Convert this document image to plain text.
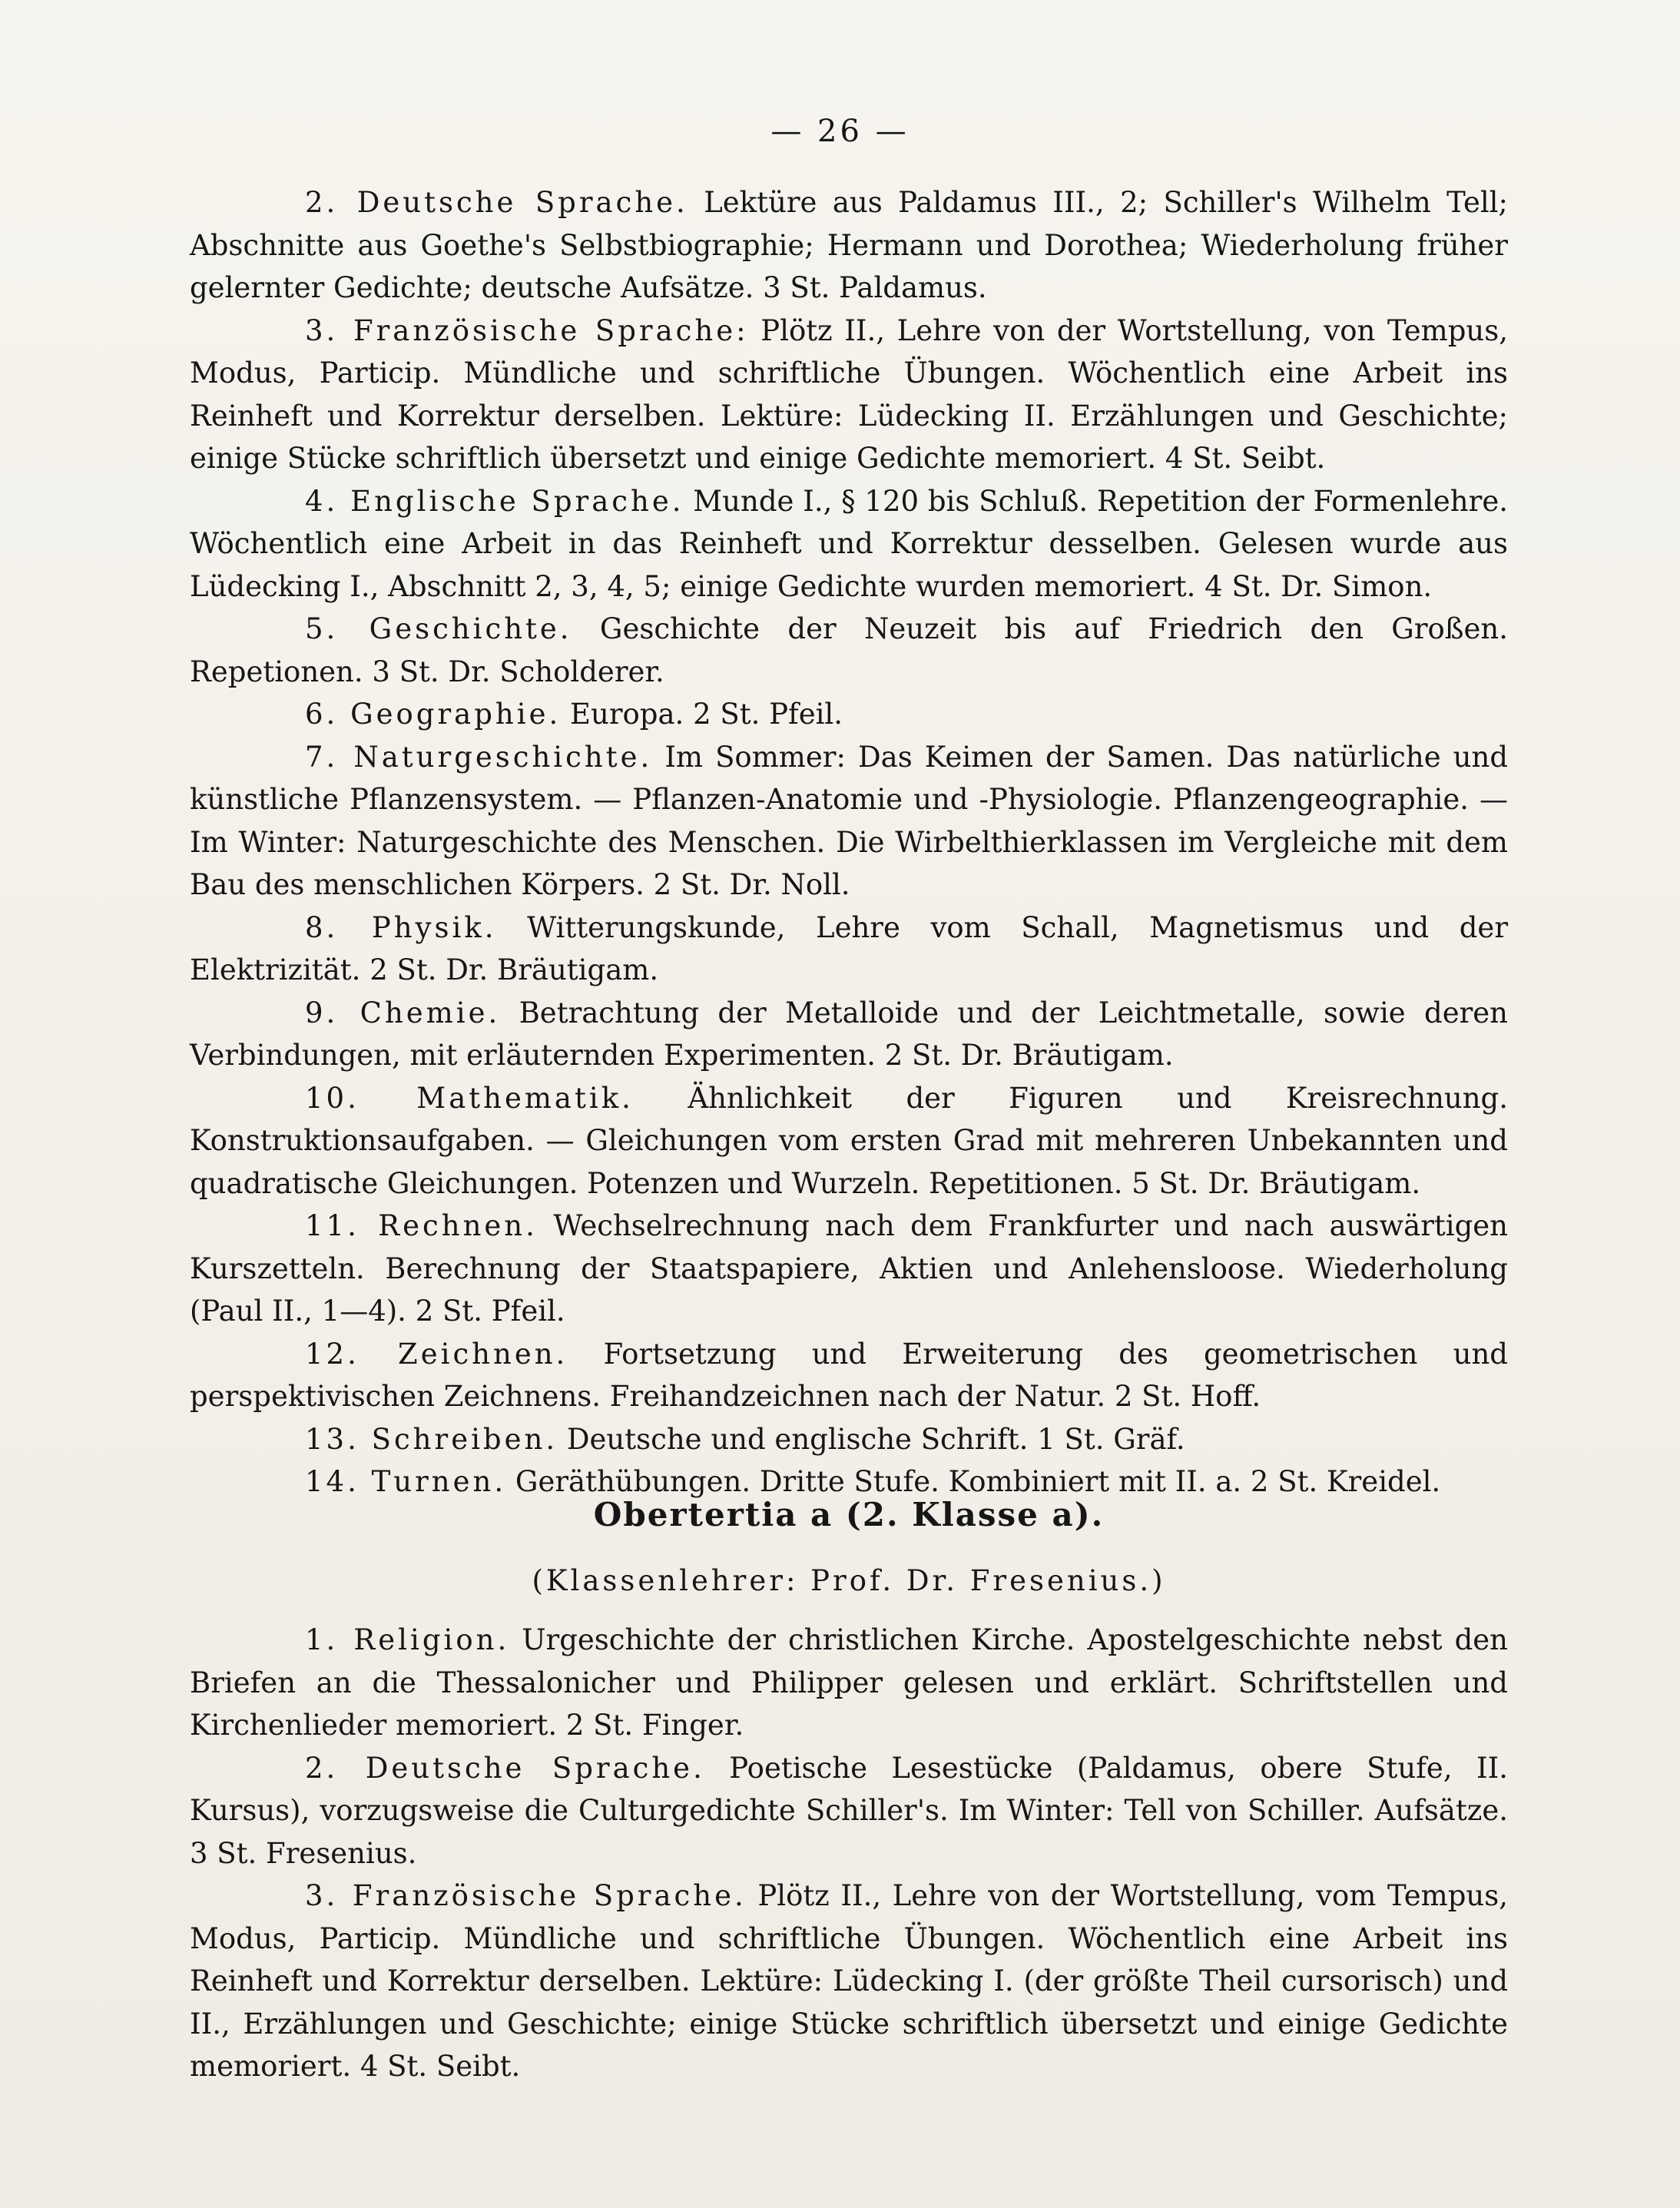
— 26 —

2. Deutsche Sprache. Lektüre aus Paldamus III., 2; Schiller's Wilhelm Tell; Abschnitte aus Goethe's Selbstbiographie; Hermann und Dorothea; Wiederholung früher gelernter Gedichte; deutsche Aufsätze. 3 St. Paldamus.

3. Französische Sprache: Plötz II., Lehre von der Wortstellung, von Tempus, Modus, Particip. Mündliche und schriftliche Übungen. Wöchentlich eine Arbeit ins Reinheft und Korrektur derselben. Lektüre: Lüdecking II. Erzählungen und Geschichte; einige Stücke schriftlich übersetzt und einige Gedichte memoriert. 4 St. Seibt.

4. Englische Sprache. Munde I., § 120 bis Schluß. Repetition der Formenlehre. Wöchentlich eine Arbeit in das Reinheft und Korrektur desselben. Gelesen wurde aus Lüdecking I., Abschnitt 2, 3, 4, 5; einige Gedichte wurden memoriert. 4 St. Dr. Simon.

5. Geschichte. Geschichte der Neuzeit bis auf Friedrich den Großen. Repetionen. 3 St. Dr. Scholderer.

6. Geographie. Europa. 2 St. Pfeil.

7. Naturgeschichte. Im Sommer: Das Keimen der Samen. Das natürliche und künstliche Pflanzensystem. — Pflanzen-Anatomie und -Physiologie. Pflanzengeographie. — Im Winter: Naturgeschichte des Menschen. Die Wirbelthierklassen im Vergleiche mit dem Bau des menschlichen Körpers. 2 St. Dr. Noll.

8. Physik. Witterungskunde, Lehre vom Schall, Magnetismus und der Elektrizität. 2 St. Dr. Bräutigam.

9. Chemie. Betrachtung der Metalloide und der Leichtmetalle, sowie deren Verbindungen, mit erläuternden Experimenten. 2 St. Dr. Bräutigam.

10. Mathematik. Ähnlichkeit der Figuren und Kreisrechnung. Konstruktionsaufgaben. — Gleichungen vom ersten Grad mit mehreren Unbekannten und quadratische Gleichungen. Potenzen und Wurzeln. Repetitionen. 5 St. Dr. Bräutigam.

11. Rechnen. Wechselrechnung nach dem Frankfurter und nach auswärtigen Kurszetteln. Berechnung der Staatspapiere, Aktien und Anlehensloose. Wiederholung (Paul II., 1—4). 2 St. Pfeil.

12. Zeichnen. Fortsetzung und Erweiterung des geometrischen und perspektivischen Zeichnens. Freihandzeichnen nach der Natur. 2 St. Hoff.

13. Schreiben. Deutsche und englische Schrift. 1 St. Gräf.

14. Turnen. Geräthübungen. Dritte Stufe. Kombiniert mit II. a. 2 St. Kreidel.

Obertertia a (2. Klasse a).

(Klassenlehrer: Prof. Dr. Fresenius.)

1. Religion. Urgeschichte der christlichen Kirche. Apostelgeschichte nebst den Briefen an die Thessalonicher und Philipper gelesen und erklärt. Schriftstellen und Kirchenlieder memoriert. 2 St. Finger.

2. Deutsche Sprache. Poetische Lesestücke (Paldamus, obere Stufe, II. Kursus), vorzugsweise die Culturgedichte Schiller's. Im Winter: Tell von Schiller. Aufsätze. 3 St. Fresenius.

3. Französische Sprache. Plötz II., Lehre von der Wortstellung, vom Tempus, Modus, Particip. Mündliche und schriftliche Übungen. Wöchentlich eine Arbeit ins Reinheft und Korrektur derselben. Lektüre: Lüdecking I. (der größte Theil cursorisch) und II., Erzählungen und Geschichte; einige Stücke schriftlich übersetzt und einige Gedichte memoriert. 4 St. Seibt.
